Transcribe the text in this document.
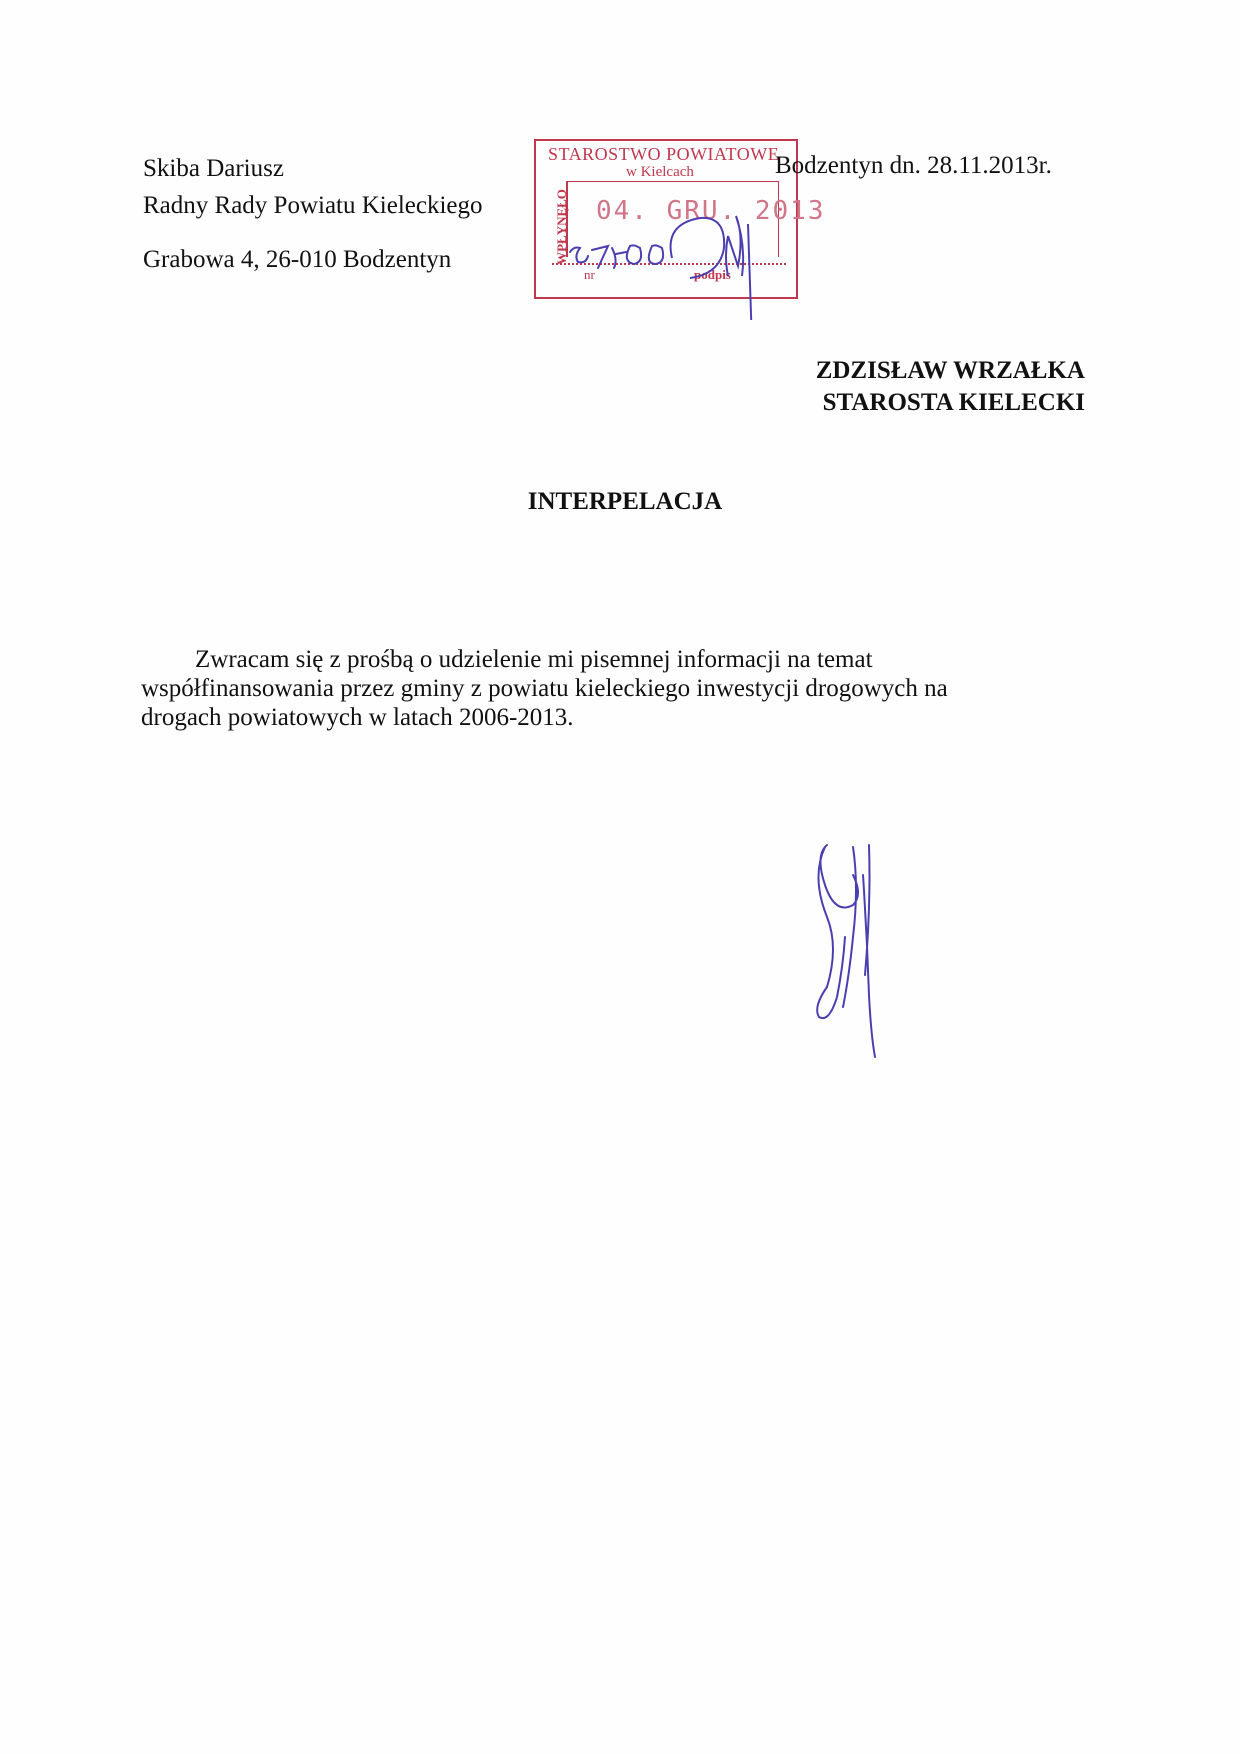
Skiba Dariusz
Radny Rady Powiatu Kieleckiego
Grabowa 4, 26-010 Bodzentyn
STAROSTWO POWIATOWE
w Kielcach
WPŁYNĘŁO 04. GRU. 2013
nr	podpis
Bodzentyn dn. 28.11.2013r.
ZDZISŁAW WRZAŁKA
STAROSTA KIELECKI
INTERPELACJA
Zwracam się z prośbą o udzielenie mi pisemnej informacji na temat
współfinansowania przez gminy z powiatu kieleckiego inwestycji drogowych na
drogach powiatowych w latach 2006-2013.
